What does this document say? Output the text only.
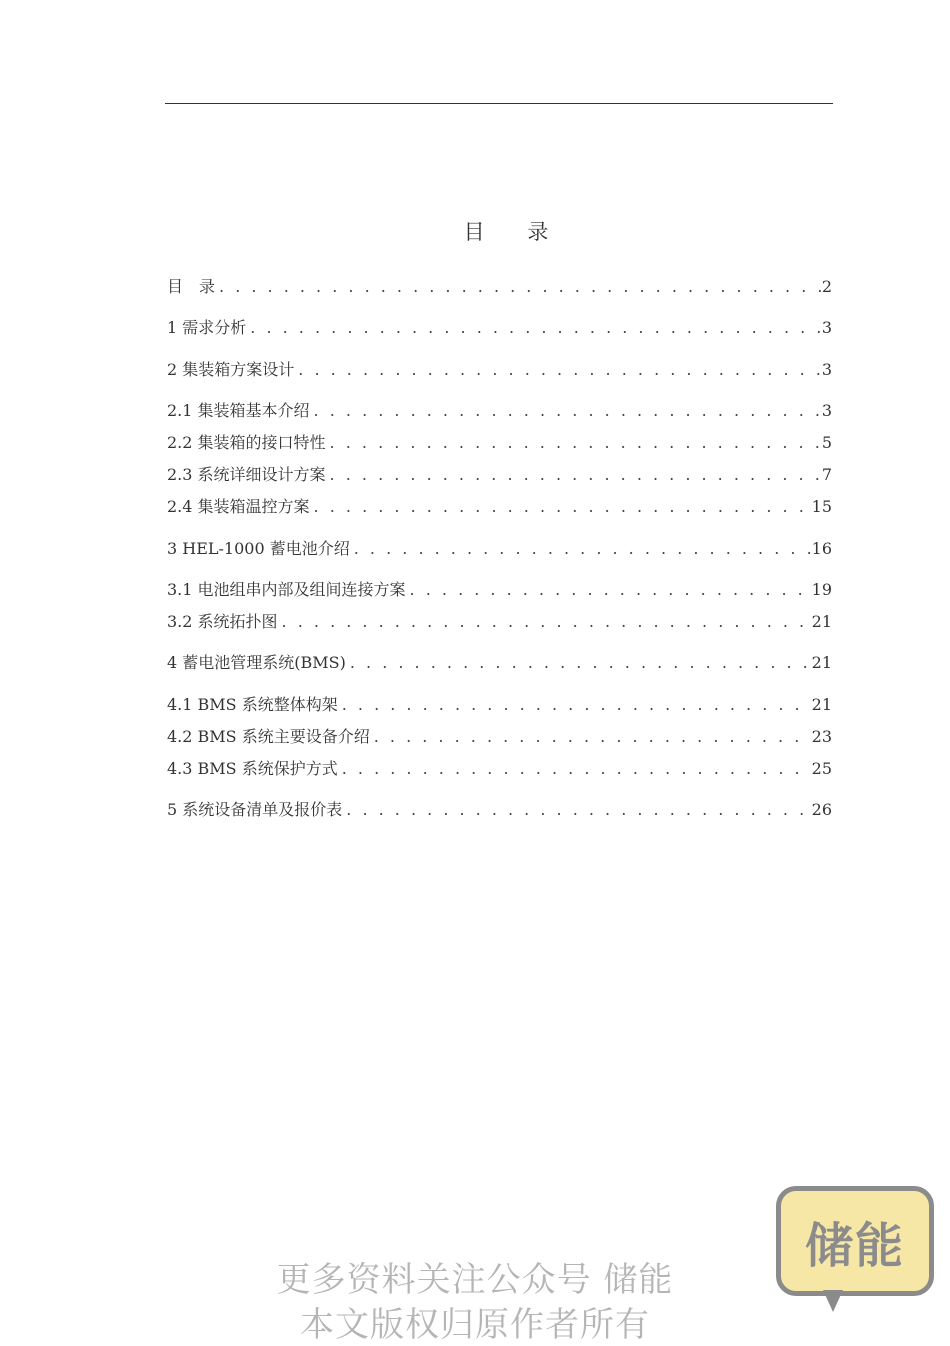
目 录
目　录 . . .	2
1 需求分析 . . .	3
2 集装箱方案设计 . . .	3
2.1 集装箱基本介绍 . . .	3
2.2 集装箱的接口特性 . . .	5
2.3 系统详细设计方案 . . .	7
2.4 集装箱温控方案 . . .	15
3 HEL-1000 蓄电池介绍 . . .	16
3.1 电池组串内部及组间连接方案 . . .	19
3.2 系统拓扑图 . . .	21
4 蓄电池管理系统(BMS) . . .	21
4.1 BMS 系统整体构架 . . .	21
4.2 BMS 系统主要设备介绍 . . .	23
4.3 BMS 系统保护方式 . . .	25
5 系统设备清单及报价表 . . .	26
更多资料关注公众号 储能
本文版权归原作者所有
储能
